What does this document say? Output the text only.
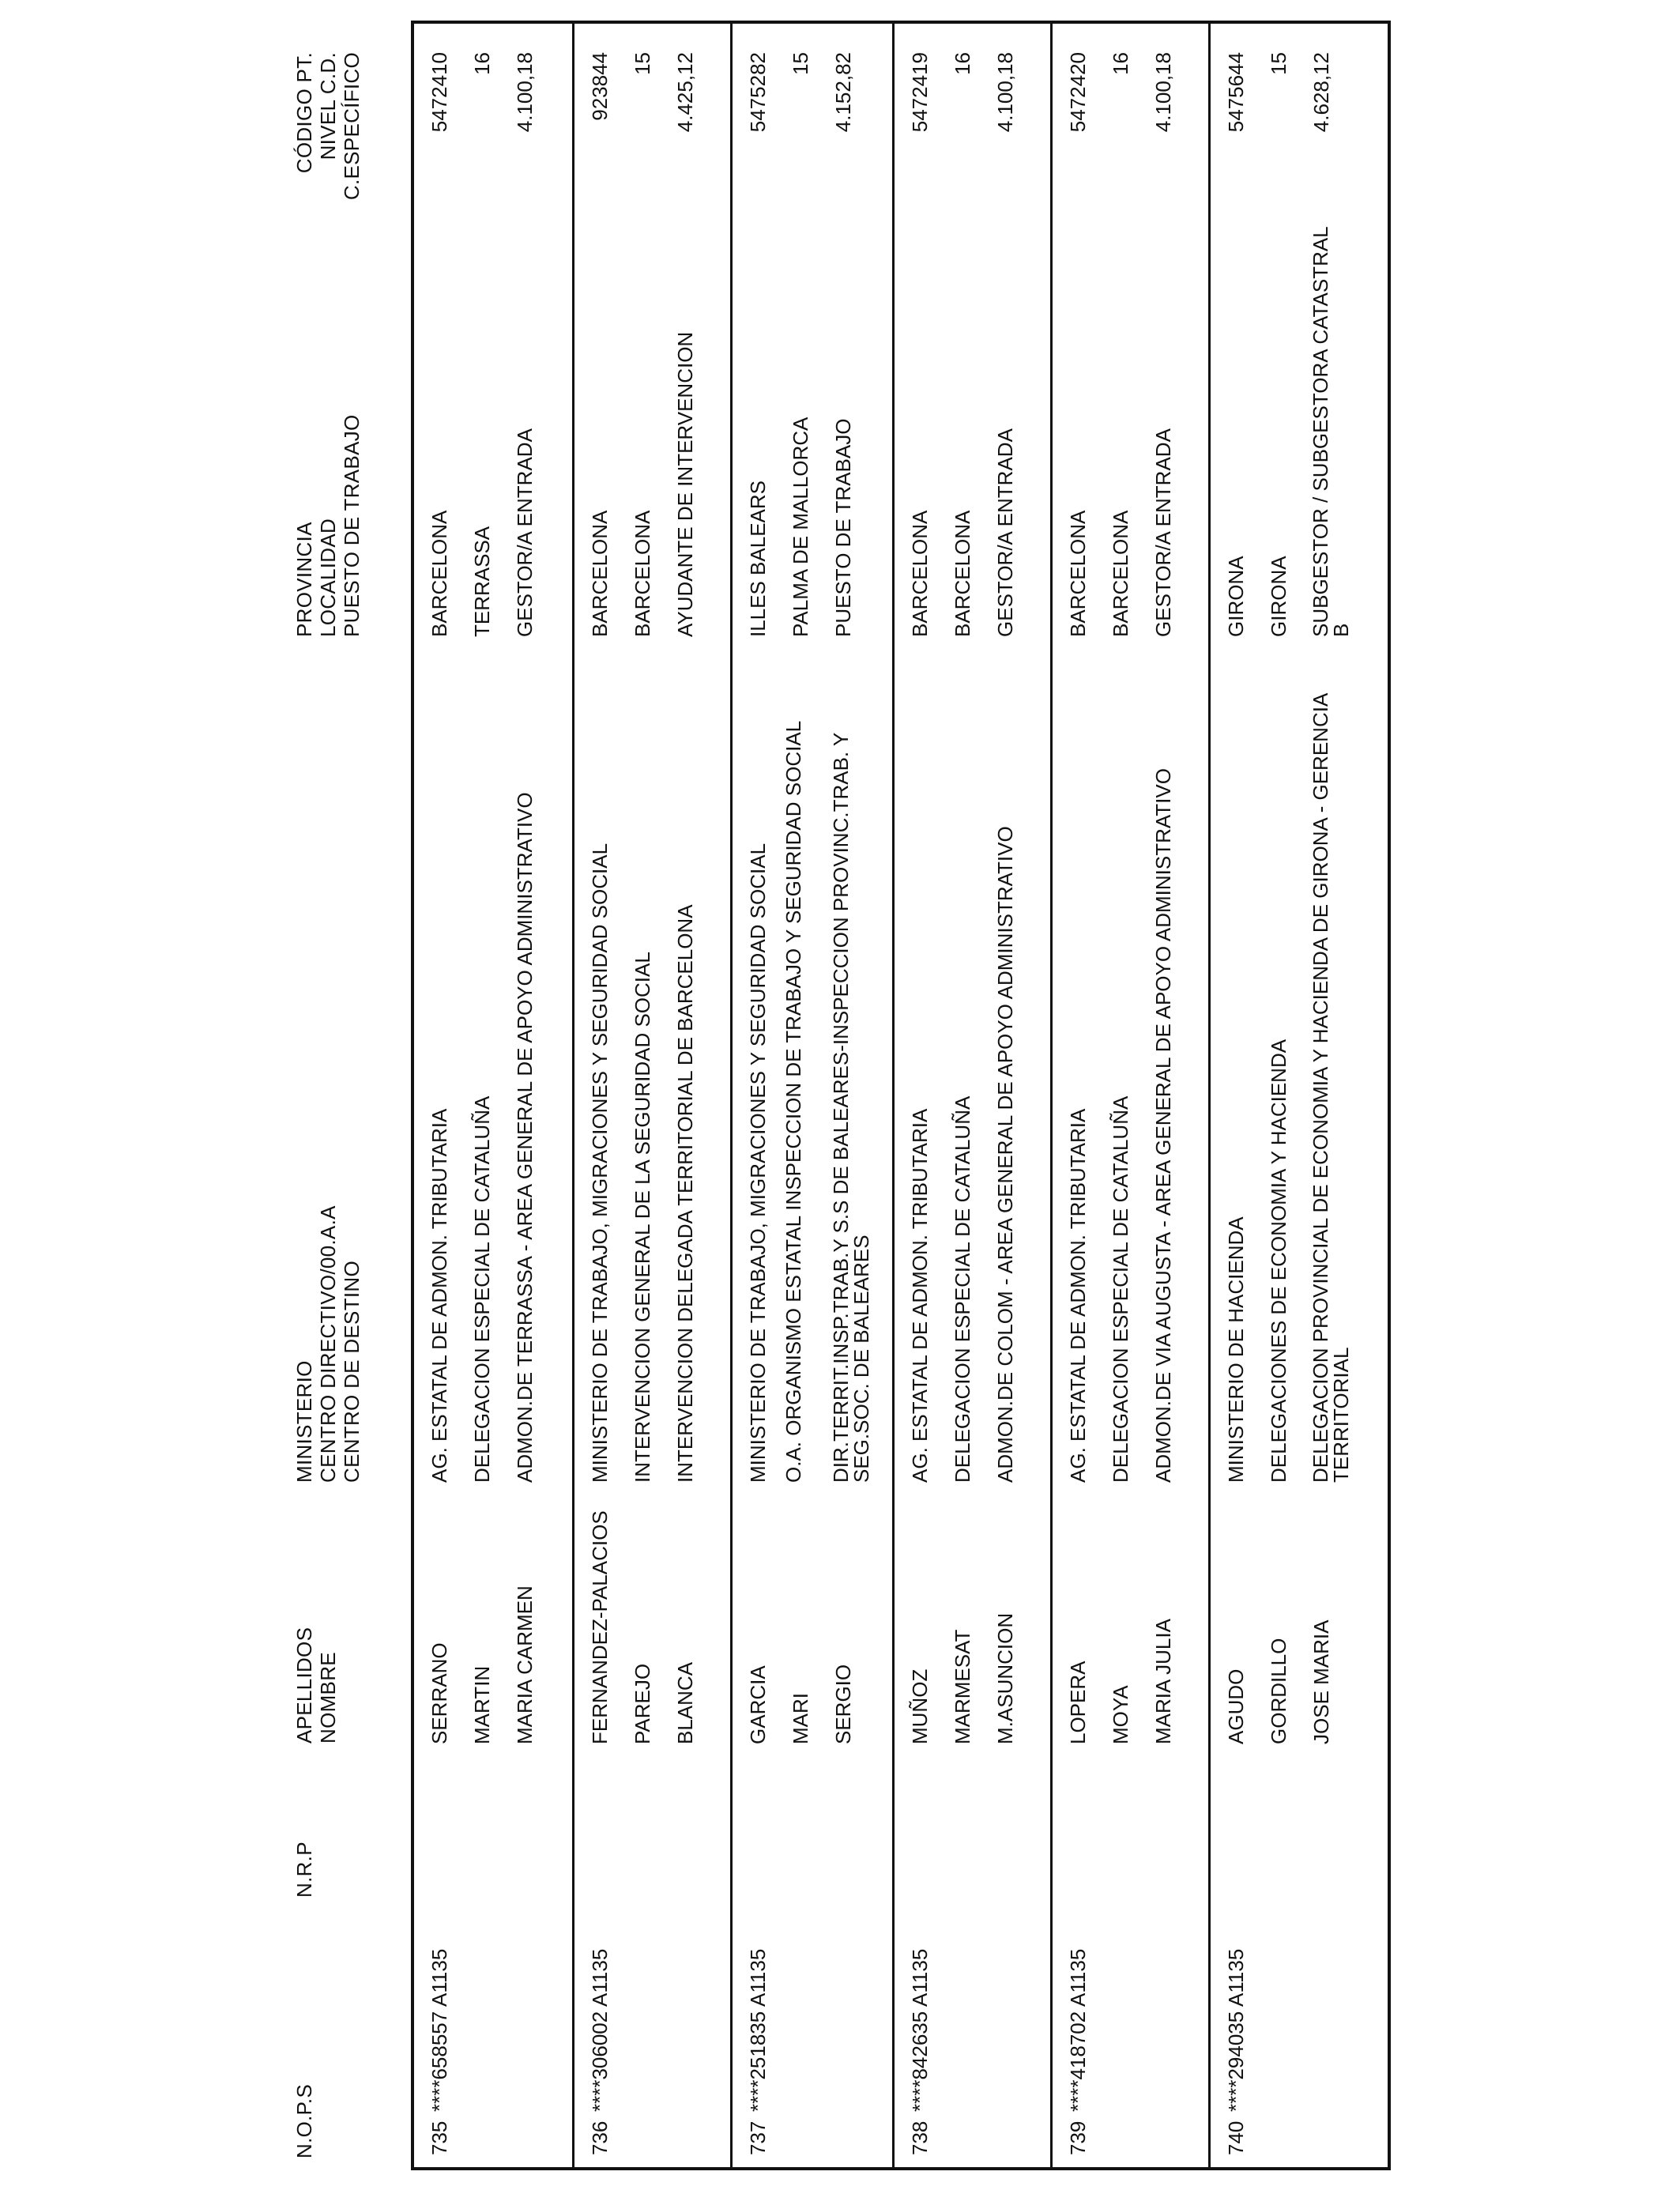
N.O.P.S
N.R.P
APELLIDOS NOMBRE
MINISTERIO CENTRO DIRECTIVO/00.A.A CENTRO DE DESTINO
PROVINCIA LOCALIDAD PUESTO DE TRABAJO
CÓDIGO PT. NIVEL C.D. C.ESPECÍFICO
735
****658557 A1135
SERRANO MARTIN MARIA CARMEN
AG. ESTATAL DE ADMON. TRIBUTARIA DELEGACION ESPECIAL DE CATALUÑA ADMON.DE TERRASSA - AREA GENERAL DE APOYO ADMINISTRATIVO
BARCELONA TERRASSA GESTOR/A ENTRADA
5472410 16 4.100,18
736
****306002 A1135
FERNANDEZ-PALACIOS PAREJO BLANCA
MINISTERIO DE TRABAJO, MIGRACIONES Y SEGURIDAD SOCIAL INTERVENCION GENERAL DE LA SEGURIDAD SOCIAL INTERVENCION DELEGADA TERRITORIAL DE BARCELONA
BARCELONA BARCELONA AYUDANTE DE INTERVENCION
923844 15 4.425,12
737
****251835 A1135
GARCIA MARI SERGIO
MINISTERIO DE TRABAJO, MIGRACIONES Y SEGURIDAD SOCIAL O.A. ORGANISMO ESTATAL INSPECCION DE TRABAJO Y SEGURIDAD SOCIAL DIR.TERRIT.INSP.TRAB.Y S.S DE BALEARES-INSPECCION PROVINC.TRAB. Y SEG.SOC. DE BALEARES
ILLES BALEARS PALMA DE MALLORCA PUESTO DE TRABAJO
5475282 15 4.152,82
738
****842635 A1135
MUÑOZ MARMESAT M.ASUNCION
AG. ESTATAL DE ADMON. TRIBUTARIA DELEGACION ESPECIAL DE CATALUÑA ADMON.DE COLOM - AREA GENERAL DE APOYO ADMINISTRATIVO
BARCELONA BARCELONA GESTOR/A ENTRADA
5472419 16 4.100,18
739
****418702 A1135
LOPERA MOYA MARIA JULIA
AG. ESTATAL DE ADMON. TRIBUTARIA DELEGACION ESPECIAL DE CATALUÑA ADMON.DE VIA AUGUSTA - AREA GENERAL DE APOYO ADMINISTRATIVO
BARCELONA BARCELONA GESTOR/A ENTRADA
5472420 16 4.100,18
740
****294035 A1135
AGUDO GORDILLO JOSE MARIA
MINISTERIO DE HACIENDA DELEGACIONES DE ECONOMIA Y HACIENDA DELEGACION PROVINCIAL DE ECONOMIA Y HACIENDA DE GIRONA - GERENCIA TERRITORIAL
GIRONA GIRONA SUBGESTOR / SUBGESTORA CATASTRAL B
5475644 15 4.628,12
